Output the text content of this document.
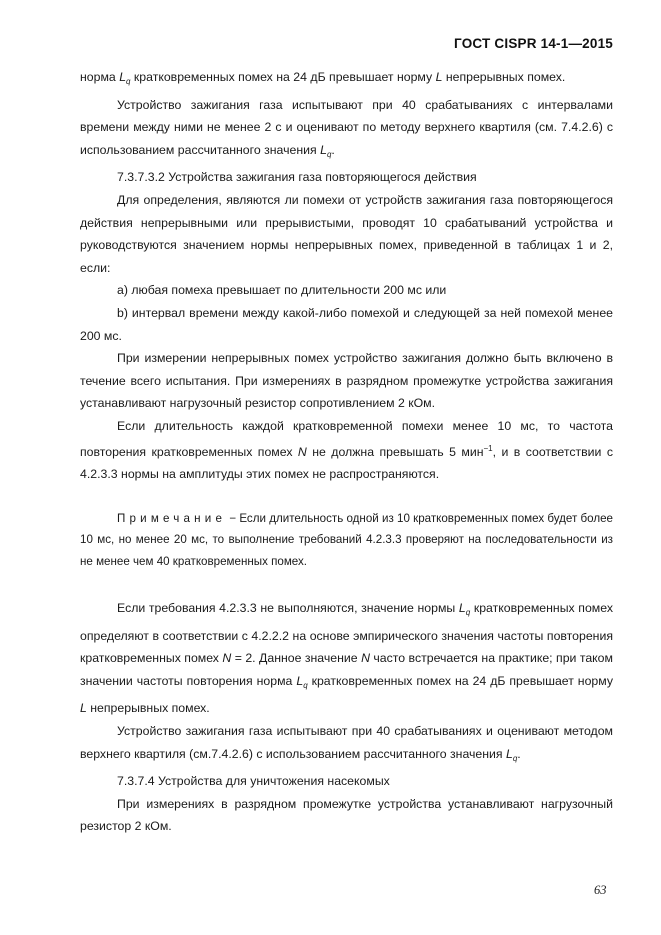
ГОСТ CISPR 14-1—2015

норма $L_q$ кратковременных помех на 24 дБ превышает норму L непрерывных помех.

Устройство зажигания газа испытывают при 40 срабатываниях с интервалами времени между ними не менее 2 с и оценивают по методу верхнего квартиля (см. 7.4.2.6) с использованием рассчитанного значения $L_q$.

7.3.7.3.2 Устройства зажигания газа повторяющегося действия

Для определения, являются ли помехи от устройств зажигания газа повторяющегося действия непрерывными или прерывистыми, проводят 10 срабатываний устройства и руководствуются значением нормы непрерывных помех, приведенной в таблицах 1 и 2, если:

а) любая помеха превышает по длительности 200 мс или

b) интервал времени между какой-либо помехой и следующей за ней помехой менее 200 мс.

При измерении непрерывных помех устройство зажигания должно быть включено в течение всего испытания. При измерениях в разрядном промежутке устройства зажигания устанавливают нагрузочный резистор сопротивлением 2 кОм.

Если длительность каждой кратковременной помехи менее 10 мс, то частота повторения кратковременных помех N не должна превышать 5 мин$^{-1}$, и в соответствии с 4.2.3.3 нормы на амплитуды этих помех не распространяются.

Примечание − Если длительность одной из 10 кратковременных помех будет более 10 мс, но менее 20 мс, то выполнение требований 4.2.3.3 проверяют на последовательности из не менее чем 40 кратковременных помех.

Если требования 4.2.3.3 не выполняются, значение нормы $L_q$ кратковременных помех определяют в соответствии с 4.2.2.2 на основе эмпирического значения частоты повторения кратковременных помех N = 2. Данное значение N часто встречается на практике; при таком значении частоты повторения норма $L_q$ кратковременных помех на 24 дБ превышает норму L непрерывных помех.

Устройство зажигания газа испытывают при 40 срабатываниях и оценивают методом верхнего квартиля (см.7.4.2.6) с использованием рассчитанного значения $L_q$.

7.3.7.4 Устройства для уничтожения насекомых

При измерениях в разрядном промежутке устройства устанавливают нагрузочный резистор 2 кОм.

63
